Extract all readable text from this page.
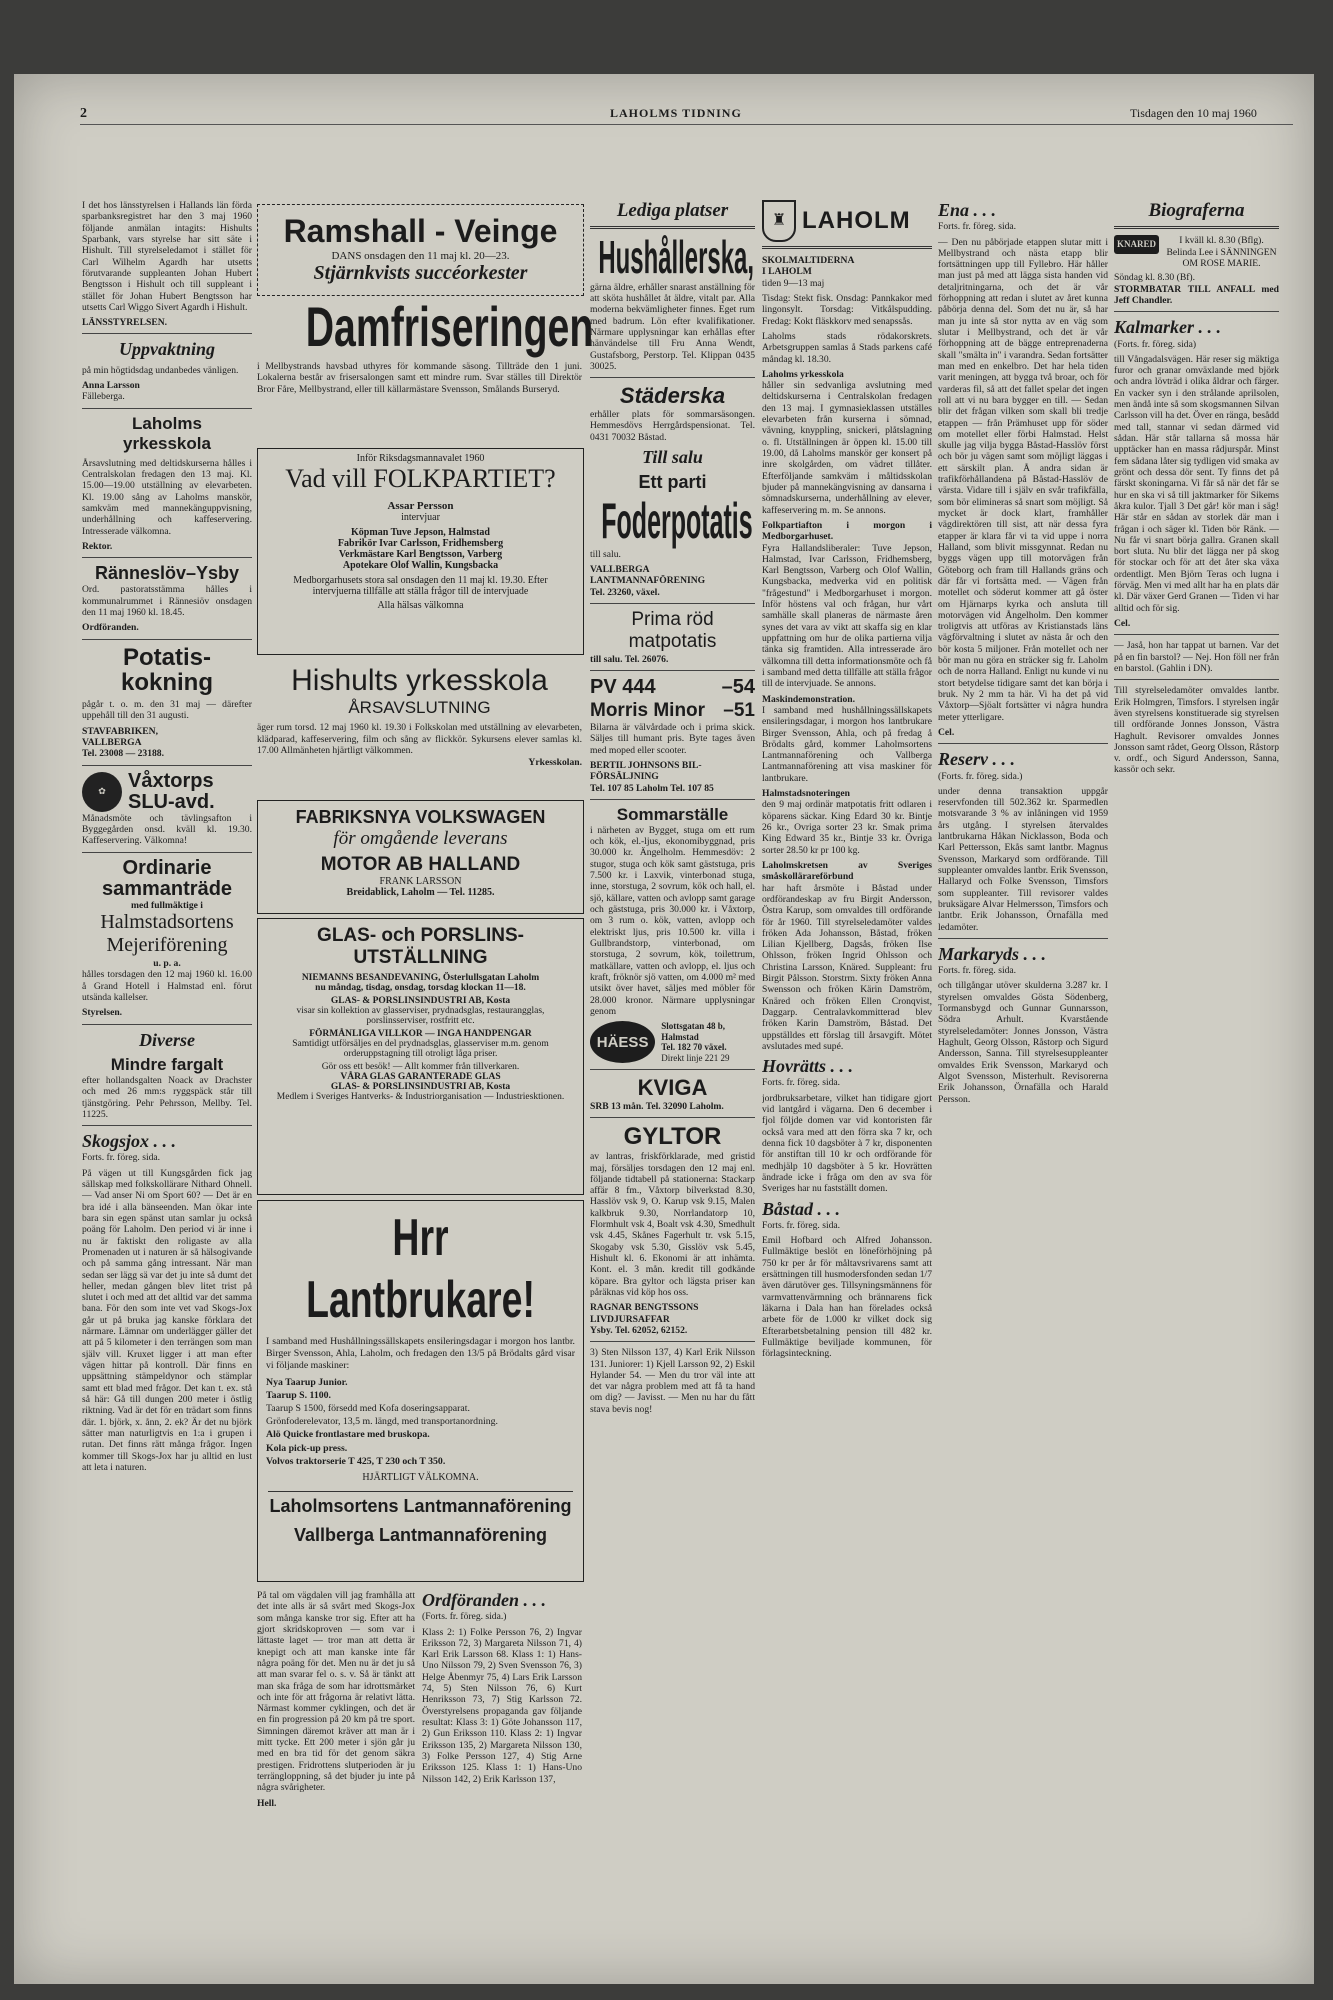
2	LAHOLMS TIDNING	Tisdagen den 10 maj 1960

I det hos länsstyrelsen i Hallands län förda sparbanksregistret har den 3 maj 1960 följande anmälan intagits: Hishults Sparbank, vars styrelse har sitt säte i Hishult. Till styrelseledamot i stället för Carl Wilhelm Agardh har utsetts förutvarande suppleanten Johan Hubert Bengtsson i Hishult och till suppleant i stället för Johan Hubert Bengtsson har utsetts Carl Wiggo Sivert Agardh i Hishult.

LÄNSSTYRELSEN.

Uppvaktning

på min högtidsdag undanbedes vänligen.

Anna Larsson

Fälleberga.

Laholms
yrkesskola

Årsavslutning med deltidskurserna hålles i Centralskolan fredagen den 13 maj. Kl. 15.00—19.00 utställning av elevarbeten. Kl. 19.00 sång av Laholms manskör, samkväm med mannekänguppvisning, underhållning och kaffeservering. Intresserade välkomna.

Rektor.

Ränneslöv–Ysby

Ord. pastoratsstämma hålles i kommunalrummet i Rännesiöv onsdagen den 11 maj 1960 kl. 18.45.

Ordföranden.

Potatis-
kokning

pågår t. o. m. den 31 maj — därefter uppehåll till den 31 augusti.

STAVFABRIKEN,

VALLBERGA

Tel. 23008 — 23188.

✿	Våxtorps
SLU-avd.

Månadsmöte och tävlingsafton i Byggegården onsd. kväll kl. 19.30. Kaffeservering. Välkomna!

Ordinarie
sammanträde
med fullmäktige i
Halmstadsortens
Mejeriförening
u. p. a.

hålles torsdagen den 12 maj 1960 kl. 16.00 å Grand Hotell i Halmstad enl. förut utsända kallelser.

Styrelsen.

Diverse
Mindre fargalt

efter hollandsgalten Noack av Drachster och med 26 mm:s ryggspäck står till tjänstgöring. Pehr Pehrsson, Mellby. Tel. 11225.

Skogsjox . . .

Forts. fr. föreg. sida.

På vägen ut till Kungsgården fick jag sällskap med folkskollärare Nithard Ohnell. — Vad anser Ni om Sport 60? — Det är en bra idé i alla bänseenden. Man ökar inte bara sin egen spänst utan samlar ju också poäng för Laholm. Den period vi är inne i nu är faktiskt den roligaste av alla Promenaden ut i naturen är så hälsogivande och på samma gång intressant. När man sedan ser lägg sä var det ju inte så dumt det heller, medan gången blev litet trist på slutet i och med att det alltid var det samma bana. För den som inte vet vad Skogs-Jox går ut på bruka jag kanske förklara det närmare. Lämnar om underlägger gäller det att på 5 kilometer i den terrängen som man själv vill. Kruxet ligger i att man efter vägen hittar på kontroll. Där finns en uppsättning stämpeldynor och stämplar samt ett blad med frågor. Det kan t. ex. stå så här: Gå till dungen 200 meter i östlig riktning. Vad är det för en trädart som finns där. 1. björk, x. ånn, 2. ek? Är det nu björk sätter man naturligtvis en 1:a i grupen i rutan. Det finns rätt många frågor. Ingen kommer till Skogs-Jox har ju alltid en lust att leta i naturen.

Ramshall - Veinge
DANS onsdagen den 11 maj kl. 20—23.
Stjärnkvists succéorkester
Damfriseringen

i Mellbystrands havsbad uthyres för kommande säsong. Tillträde den 1 juni. Lokalerna består av frisersalongen samt ett mindre rum. Svar ställes till Direktör Bror Fåre, Mellbystrand, eller till källarmästare Svensson, Smålands Burseryd.

Inför Riksdagsmannavalet 1960
Vad vill FOLKPARTIET?
Assar Persson
intervjuar
Köpman Tuve Jepson, Halmstad
Fabrikör Ivar Carlsson, Fridhemsberg
Verkmästare Karl Bengtsson, Varberg
Apotekare Olof Wallin, Kungsbacka
Medborgarhusets stora sal onsdagen den 11 maj kl. 19.30. Efter intervjuerna tillfälle att ställa frågor till de intervjuade
Alla hälsas välkomna
Hishults yrkesskola
ÅRSAVSLUTNING

äger rum torsd. 12 maj 1960 kl. 19.30 i Folkskolan med utställning av elevarbeten, klädparad, kaffeservering, film och sång av flickkör. Sykursens elever samlas kl. 17.00 Allmänheten hjärtligt välkommen.

Yrkesskolan.

FABRIKSNYA VOLKSWAGEN
för omgående leverans
MOTOR AB HALLAND
FRANK LARSSON
Breidablick, Laholm — Tel. 11285.
GLAS- och PORSLINS-
UTSTÄLLNING
NIEMANNS BESANDEVANING, Österlullsgatan Laholm
nu måndag, tisdag, onsdag, torsdag klockan 11—18.
GLAS- & PORSLINSINDUSTRI AB, Kosta
visar sin kollektion av glasserviser, prydnadsglas, restaurangglas, porslinsserviser, rostfritt etc.
FÖRMÅNLIGA VILLKOR — INGA HANDPENGAR
Samtidigt utförsäljes en del prydnadsglas, glasserviser m.m. genom orderuppstagning till otroligt låga priser.
Gör oss ett besök! — Allt kommer från tillverkaren.
VÅRA GLAS GARANTERADE GLAS
GLAS- & PORSLINSINDUSTRI AB, Kosta
Medlem i Sveriges Hantverks- & Industriorganisation — Industriesktionen.
Hrr Lantbrukare!

I samband med Hushållningssällskapets ensileringsdagar i morgon hos lantbr. Birger Svensson, Ahla, Laholm, och fredagen den 13/5 på Brödalts gård visar vi följande maskiner:

Nya Taarup Junior.
Taarup S. 1100.
Taarup S 1500, försedd med Kofa doseringsapparat.
Grönfoderelevator, 13,5 m. längd, med transportanordning.
Alö Quicke frontlastare med bruskopa.
Kola pick-up press.
Volvos traktorserie T 425, T 230 och T 350.
HJÄRTLIGT VÄLKOMNA.
Laholmsortens Lantmannaförening
Vallberga Lantmannaförening

På tal om vägdalen vill jag framhålla att det inte alls är så svårt med Skogs-Jox som många kanske tror sig. Efter att ha gjort skridskoproven — som var i lättaste laget — tror man att detta är knepigt och att man kanske inte får några poäng för det. Men nu är det ju så att man svarar fel o. s. v. Så är tänkt att man ska fråga de som har idrottsmärket och inte för att frågorna är relativt lätta. Närmast kommer cyklingen, och det är en fin progression på 20 km på tre sport. Simningen däremot kräver att man är i mitt tycke. Ett 200 meter i sjön går ju med en bra tid för det genom säkra prestigen. Fridrottens slutperioden är ju terrängloppning, så det bjuder ju inte på några svårigheter.

Hell.

Ordföranden . . .

(Forts. fr. föreg. sida.)

Klass 2: 1) Folke Persson 76, 2) Ingvar Eriksson 72, 3) Margareta Nilsson 71, 4) Karl Erik Larsson 68. Klass 1: 1) Hans-Uno Nilsson 79, 2) Sven Svensson 76, 3) Helge Åbenmyr 75, 4) Lars Erik Larsson 74, 5) Sten Nilsson 76, 6) Kurt Henriksson 73, 7) Stig Karlsson 72. Överstyrelsens propaganda gav följande resultat: Klass 3: 1) Göte Johansson 117, 2) Gun Eriksson 110. Klass 2: 1) Ingvar Eriksson 135, 2) Margareta Nilsson 130, 3) Folke Persson 127, 4) Stig Arne Eriksson 125. Klass 1: 1) Hans-Uno Nilsson 142, 2) Erik Karlsson 137,

Lediga platser
Hushållerska,

gärna äldre, erhåller snarast anställning för att sköta hushållet åt äldre, vitalt par. Alla moderna bekvämligheter finnes. Eget rum med badrum. Lön efter kvalifikationer. Närmare upplysningar kan erhållas efter hänvändelse till Fru Anna Wendt, Gustafsborg, Perstorp. Tel. Klippan 0435 30025.

Städerska

erhåller plats för sommarsäsongen. Hemmesdövs Herrgårdspensionat. Tel. 0431 70032 Båstad.

Till salu
Ett parti
Foderpotatis

till salu.

VALLBERGA

LANTMANNAFÖRENING

Tel. 23260, växel.

Prima röd
matpotatis

till salu. Tel. 26076.

PV 444	–54
Morris Minor –51

Bilarna är välvårdade och i prima skick. Säljes till humant pris. Byte tages även med moped eller scooter.

BERTIL JOHNSONS BIL-

FÖRSÄLJNING

Tel. 107 85 Laholm Tel. 107 85

Sommarställe

i närheten av Bygget, stuga om ett rum och kök, el.-ljus, ekonomibyggnad, pris 30.000 kr. Ängelholm. Hemmesdöv: 2 stugor, stuga och kök samt gäststuga, pris 7.500 kr. i Laxvik, vinterbonad stuga, inne, storstuga, 2 sovrum, kök och hall, el. sjö, källare, vatten och avlopp samt garage och gäststuga, pris 30.000 kr. i Våxtorp, om 3 rum o. kök, vatten, avlopp och elektriskt ljus, pris 10.500 kr. villa i Gullbrandstorp, vinterbonad, om storstuga, 2 sovrum, kök, toilettrum, matkällare, vatten och avlopp, el. ljus och kraft, fröknör sjö vatten, om 4.000 m² med utsikt över havet, säljes med möbler för 28.000 kronor. Närmare upplysningar genom

HÄESS
Slottsgatan 48 b, Halmstad
Tel. 182 70 växel.
Direkt linje 221 29
KVIGA

SRB 13 mån. Tel. 32090 Laholm.

GYLTOR

av lantras, friskförklarade, med gristid maj, försäljes torsdagen den 12 maj enl. följande tidtabell på stationerna: Stackarp affär 8 fm., Våxtorp bilverkstad 8.30, Hasslöv vsk 9, O. Karup vsk 9.15, Malen kalkbruk 9.30, Norrlandatorp 10, Flormhult vsk 4, Boalt vsk 4.30, Smedhult vsk 4.45, Skånes Fagerhult tr. vsk 5.15, Skogaby vsk 5.30, Gisslöv vsk 5.45, Hishult kl. 6. Ekonomi är att inhämta. Kont. el. 3 mån. kredit till godkände köpare. Bra gyltor och lägsta priser kan påräknas vid köp hos oss.

RAGNAR BENGTSSONS

LIVDJURSAFFAR

Ysby. Tel. 62052, 62152.

3) Sten Nilsson 137, 4) Karl Erik Nilsson 131. Juniorer: 1) Kjell Larsson 92, 2) Eskil Hylander 54. — Men du tror väl inte att det var några problem med att få ta hand om dig? — Javisst. — Men nu har du fått stava bevis nog!

♜ LAHOLM

SKOLMALTIDERNA

I LAHOLM

tiden 9—13 maj

Tisdag: Stekt fisk. Onsdag: Pannkakor med lingonsylt. Torsdag: Vitkålspudding. Fredag: Kokt fläskkorv med senapssås.

Laholms stads rödakorskrets. Arbetsgruppen samlas å Stads parkens café måndag kl. 18.30.

Laholms yrkesskola

håller sin sedvanliga avslutning med deltidskurserna i Centralskolan fredagen den 13 maj. I gymnasieklassen utställes elevarbeten från kurserna i sömnad, vävning, knyppling, snickeri, plåtslagning o. fl. Utställningen är öppen kl. 15.00 till 19.00, då Laholms manskör ger konsert på inre skolgården, om vädret tillåter. Efterföljande samkväm i måltidsskolan bjuder på mannekängvisning av dansarna i sömnadskurserna, underhållning av elever, kaffeservering m. m. Se annons.

Folkpartiafton i morgon i Medborgarhuset.

Fyra Hallandsliberaler: Tuve Jepson, Halmstad, Ivar Carlsson, Fridhemsberg, Karl Bengtsson, Varberg och Olof Wallin, Kungsbacka, medverka vid en politisk "frågestund" i Medborgarhuset i morgon. Inför höstens val och frågan, hur vårt samhälle skall planeras de närmaste åren synes det vara av vikt att skaffa sig en klar uppfattning om hur de olika partierna vilja tänka sig framtiden. Alla intresserade äro välkomna till detta informationsmöte och få i samband med detta tillfälle att ställa frågor till de intervjuade. Se annons.

Maskindemonstration.

I samband med hushållningssällskapets ensileringsdagar, i morgon hos lantbrukare Birger Svensson, Ahla, och på fredag å Brödalts gård, kommer Laholmsortens Lantmannaförening och Vallberga Lantmannaförening att visa maskiner för lantbrukare.

Halmstadsnoteringen

den 9 maj ordinär matpotatis fritt odlaren i köparens säckar. King Edard 30 kr. Bintje 26 kr., Ovriga sorter 23 kr. Smak prima King Edward 35 kr., Bintje 33 kr. Övriga sorter 28.50 kr pr 100 kg.

Laholmskretsen av Sveriges småskollärareförbund

har haft årsmöte i Båstad under ordförandeskap av fru Birgit Andersson, Östra Karup, som omvaldes till ordförande för år 1960. Till styrelseledamöter valdes fröken Ada Johansson, Båstad, fröken Lilian Kjellberg, Dagsås, fröken Ilse Ohlsson, fröken Ingrid Ohlsson och Christina Larsson, Knäred. Suppleant: fru Birgit Pålsson. Storstrm. Sixty fröken Anna Swensson och fröken Kärin Damström, Knäred och fröken Ellen Cronqvist, Daggarp. Centralavkommitterad blev fröken Karin Damström, Båstad. Det uppställdes ett förslag till årsavgift. Mötet avslutades med supé.

Hovrätts . . .

Forts. fr. föreg. sida.

jordbruksarbetare, vilket han tidigare gjort vid lantgård i vägarna. Den 6 december i fjol följde domen var vid kontoristen får också vara med att den förra ska 7 kr, och denna fick 10 dagsböter à 7 kr, disponenten för anstiftan till 10 kr och ordförande för medhjälp 10 dagsböter à 5 kr. Hovrätten ändrade icke i fråga om den av sva för Sveriges har nu fastställt domen.

Båstad . . .

Forts. fr. föreg. sida.

Emil Hofbard och Alfred Johansson. Fullmäktige beslöt en löneförhöjning på 750 kr per år för måltavsrivarens samt att ersättningen till husmodersfonden sedan 1/7 även därutöver ges. Tillsyningsmännens för varmvattenvärmning och brännarens fick läkarna i Dala han han förelades också arbete för de 1.000 kr vilket dock sig Efterarbetsbetalning pension till 482 kr. Fullmäktige beviljade kommunen, för förlagsinteckning.

Ena . . .

Forts. fr. föreg. sida.

— Den nu påbörjade etappen slutar mitt i Mellbystrand och nästa etapp blir fortsättningen upp till Fyllebro. Här håller man just på med att lägga sista handen vid detaljritningarna, och det är vår förhoppning att redan i slutet av året kunna påbörja denna del. Som det nu är, så har man ju inte så stor nytta av en väg som slutar i Mellbystrand, och det är vår förhoppning att de bägge entreprenaderna skall "smälta in" i varandra. Sedan fortsätter man med en enkelbro. Det har hela tiden varit meningen, att bygga två broar, och för varderas fil, så att det fallet spelar det ingen roll att vi nu bara bygger en till. — Sedan blir det frågan vilken som skall bli tredje etappen — från Prämhuset upp för söder om motellet eller förbi Halmstad. Helst skulle jag vilja bygga Båstad-Hasslöv först och bör ju vägen samt som möjligt läggas i ett särskilt plan. Å andra sidan är trafikförhållandena på Båstad-Hasslöv de värsta. Vidare till i själv en svår trafikfälla, som bör elimineras så snart som möjligt. Så mycket är dock klart, framhåller vägdirektören till sist, att när dessa fyra etapper är klara får vi ta vid uppe i norra Halland, som blivit missgynnat. Redan nu byggs vägen upp till motorvägen från Göteborg och fram till Hallands gräns och där får vi fortsätta med. — Vägen från motellet och söderut kommer att gå öster om Hjärnarps kyrka och ansluta till motorvägen vid Ångelholm. Den kommer troligtvis att utföras av Kristianstads läns vägförvaltning i slutet av nästa år och den bör kosta 5 miljoner. Från motellet och ner bör man nu göra en sträcker sig fr. Laholm och de norra Halland. Enligt nu kunde vi nu stort betydelse tidigare samt det kan börja i bruk. Ny 2 mm ta här. Vi ha det på vid Våxtorp—Sjöalt fortsätter vi några hundra meter ytterligare.

Cel.

Reserv . . .

(Forts. fr. föreg. sida.)

under denna transaktion uppgår reservfonden till 502.362 kr. Sparmedlen motsvarande 3 % av inlåningen vid 1959 års utgång. I styrelsen återvaldes lantbrukarna Håkan Nicklasson, Boda och Karl Pettersson, Ekås samt lantbr. Magnus Svensson, Markaryd som ordförande. Till suppleanter omvaldes lantbr. Erik Svensson, Hallaryd och Folke Svensson, Timsfors som suppleanter. Till revisorer valdes bruksägare Alvar Helmersson, Timsfors och lantbr. Erik Johansson, Örnafälla med ledamöter.

Markaryds . . .

Forts. fr. föreg. sida.

och tillgångar utöver skulderna 3.287 kr. I styrelsen omvaldes Gösta Södenberg, Tormansbygd och Gunnar Gunnarsson, Södra Arhult. Kvarstående styrelseledamöter: Jonnes Jonsson, Västra Haghult, Georg Olsson, Råstorp och Sigurd Andersson, Sanna. Till styrelsesuppleanter omvaldes Erik Svensson, Markaryd och Algot Svensson, Misterhult. Revisorerna Erik Johansson, Örnafälla och Harald Persson.

Biograferna
KNARED	I kväll kl. 8.30 (Bflg). Belinda Lee i SÄNNINGEN OM ROSE MARIE.

Söndag kl. 8.30 (Bf).

STORMBATAR TILL ANFALL med Jeff Chandler.

Kalmarker . . .

(Forts. fr. föreg. sida)

till Vångadalsvägen. Här reser sig mäktiga furor och granar omväxlande med björk och andra lövträd i olika åldrar och färger. En vacker syn i den strålande aprilsolen, men ändå inte så som skogsmannen Silvan Carlsson vill ha det. Över en ränga, besådd med tall, stannar vi sedan därmed vid sådan. Här står tallarna så mossa här upptäcker han en massa rådjurspår. Minst fem sådana låter sig tydligen vid smaka av grönt och dessa dör sent. Ty finns det på färskt skoningarna. Vi får så när det får se hur en ska vi så till jaktmarker för Sikems åkra kulor. Tjall 3 Det går! kör man i säg! Här står en sådan av storlek där man i frågan i och säger kl. Tiden bör Ränk. — Nu får vi snart börja gallra. Granen skall bort sluta. Nu blir det lägga ner på skog för stockar och för att det åter ska växa ordentligt. Men Björn Teras och lugna i förväg. Men vi med allt har ha en plats där kl. Där växer Gerd Granen — Tiden vi har alltid och för sig.

Cel.

— Jaså, hon har tappat ut barnen. Var det på en fin barstol? — Nej. Hon föll ner från en barstol. (Gahlin i DN).

Till styrelseledamöter omvaldes lantbr. Erik Holmgren, Timsfors. I styrelsen ingår även styrelsens konstituerade sig styrelsen till ordförande Jonnes Jonsson, Västra Haghult. Revisorer omvaldes Jonnes Jonsson samt rådet, Georg Olsson, Råstorp v. ordf., och Sigurd Andersson, Sanna, kassör och sekr.
